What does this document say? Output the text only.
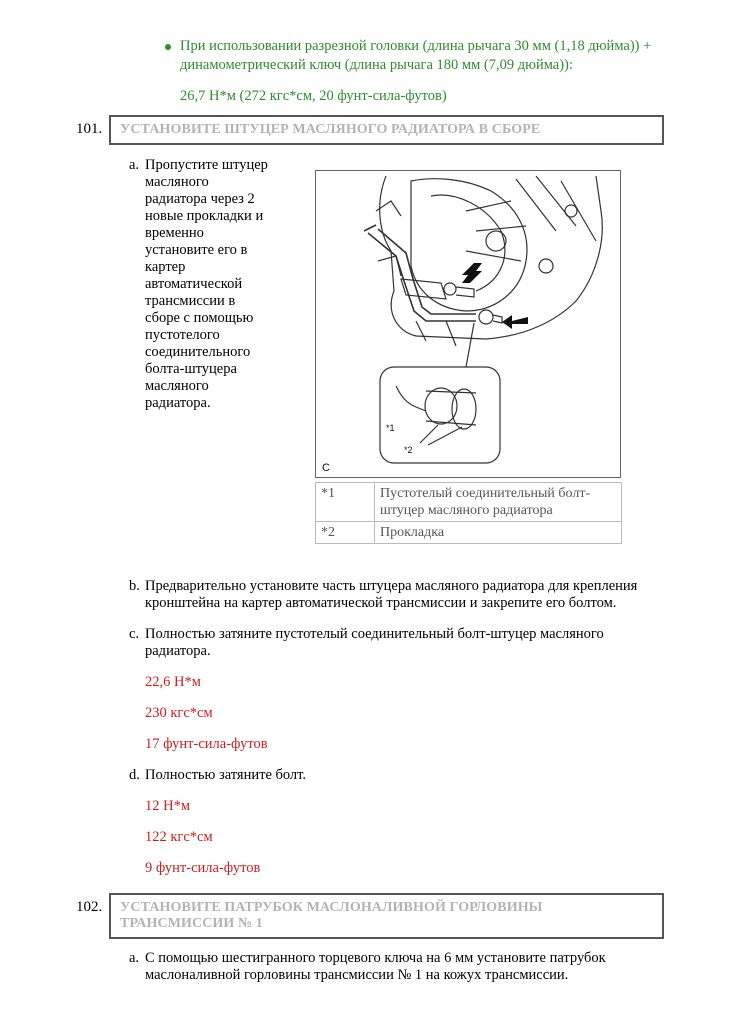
При использовании разрезной головки (длина рычага 30 мм (1,18 дюйма)) +
динамометрический ключ (длина рычага 180 мм (7,09 дюйма)):
26,7 Н*м (272 кгс*см, 20 фунт-сила-футов)
101. УСТАНОВИТЕ ШТУЦЕР МАСЛЯНОГО РАДИАТОРА В СБОРЕ
a. Пропустите штуцер
масляного
радиатора через 2
новые прокладки и
временно
установите его в
картер
автоматической
трансмиссии в
сборе с помощью
пустотелого
соединительного
болта-штуцера
масляного
радиатора.
*1
*2
C
*1	Пустотелый соединительный болт-
штуцер масляного радиатора

*2	Прокладка
b. Предварительно установите часть штуцера масляного радиатора для крепления
кронштейна на картер автоматической трансмиссии и закрепите его болтом.
c. Полностью затяните пустотелый соединительный болт-штуцер масляного
радиатора.
22,6 Н*м
230 кгс*см
17 фунт-сила-футов
d. Полностью затяните болт.
12 Н*м
122 кгс*см
9 фунт-сила-футов
102. УСТАНОВИТЕ ПАТРУБОК МАСЛОНАЛИВНОЙ ГОРЛОВИНЫ
ТРАНСМИССИИ № 1
a. С помощью шестигранного торцевого ключа на 6 мм установите патрубок
маслоналивной горловины трансмиссии № 1 на кожух трансмиссии.
